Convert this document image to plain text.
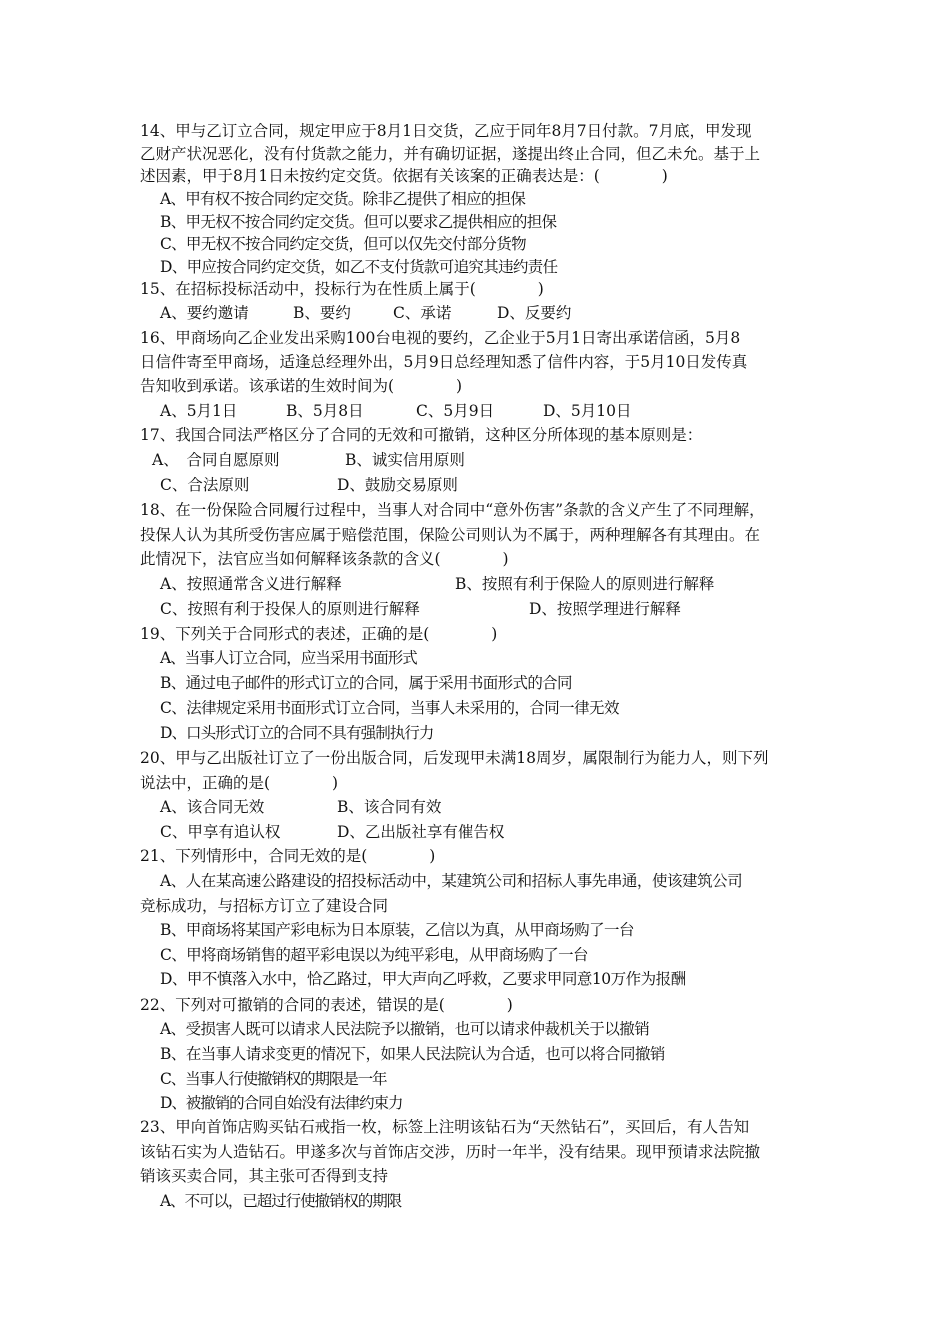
14、甲与乙订立合同，规定甲应于8月1日交货，乙应于同年8月7日付款。7月底，甲发现
乙财产状况恶化，没有付货款之能力，并有确切证据，遂提出终止合同，但乙未允。基于上
述因素，甲于8月1日未按约定交货。依据有关该案的正确表达是：(　　　　)
A、甲有权不按合同约定交货。除非乙提供了相应的担保
B、甲无权不按合同约定交货。但可以要求乙提供相应的担保
C、甲无权不按合同约定交货，但可以仅先交付部分货物
D、甲应按合同约定交货，如乙不支付货款可追究其违约责任
15、在招标投标活动中，投标行为在性质上属于(　　　　)
A、要约邀请	B、要约	C、承诺	D、反要约
16、甲商场向乙企业发出采购100台电视的要约，乙企业于5月1日寄出承诺信函，5月8
日信件寄至甲商场，适逢总经理外出，5月9日总经理知悉了信件内容，于5月10日发传真
告知收到承诺。该承诺的生效时间为(　　　　)
A、5月1日	B、5月8日	C、5月9日	D、5月10日
17、我国合同法严格区分了合同的无效和可撤销，这种区分所体现的基本原则是：
A、　合同自愿原则	B、诚实信用原则
C、合法原则	D、鼓励交易原则
18、在一份保险合同履行过程中，当事人对合同中“意外伤害”条款的含义产生了不同理解，
投保人认为其所受伤害应属于赔偿范围，保险公司则认为不属于，两种理解各有其理由。在
此情况下，法官应当如何解释该条款的含义(　　　　)
A、按照通常含义进行解释	B、按照有利于保险人的原则进行解释
C、按照有利于投保人的原则进行解释	D、按照学理进行解释
19、下列关于合同形式的表述，正确的是(　　　　)
A、当事人订立合同，应当采用书面形式
B、通过电子邮件的形式订立的合同，属于采用书面形式的合同
C、法律规定采用书面形式订立合同，当事人未采用的，合同一律无效
D、口头形式订立的合同不具有强制执行力
20、甲与乙出版社订立了一份出版合同，后发现甲未满18周岁，属限制行为能力人，则下列
说法中，正确的是(　　　　)
A、该合同无效	B、该合同有效
C、甲享有追认权	D、乙出版社享有催告权
21、下列情形中，合同无效的是(　　　　)
A、人在某高速公路建设的招投标活动中，某建筑公司和招标人事先串通，使该建筑公司
竞标成功，与招标方订立了建设合同
B、甲商场将某国产彩电标为日本原装，乙信以为真，从甲商场购了一台
C、甲将商场销售的超平彩电误以为纯平彩电，从甲商场购了一台
D、甲不慎落入水中，恰乙路过，甲大声向乙呼救，乙要求甲同意10万作为报酬
22、下列对可撤销的合同的表述，错误的是(　　　　)
A、受损害人既可以请求人民法院予以撤销，也可以请求仲裁机关于以撤销
B、在当事人请求变更的情况下，如果人民法院认为合适，也可以将合同撤销
C、当事人行使撤销权的期限是一年
D、被撤销的合同自始没有法律约束力
23、甲向首饰店购买钻石戒指一枚，标签上注明该钻石为“天然钻石”，买回后，有人告知
该钻石实为人造钻石。甲遂多次与首饰店交涉，历时一年半，没有结果。现甲预请求法院撤
销该买卖合同，其主张可否得到支持
A、不可以，已超过行使撤销权的期限
